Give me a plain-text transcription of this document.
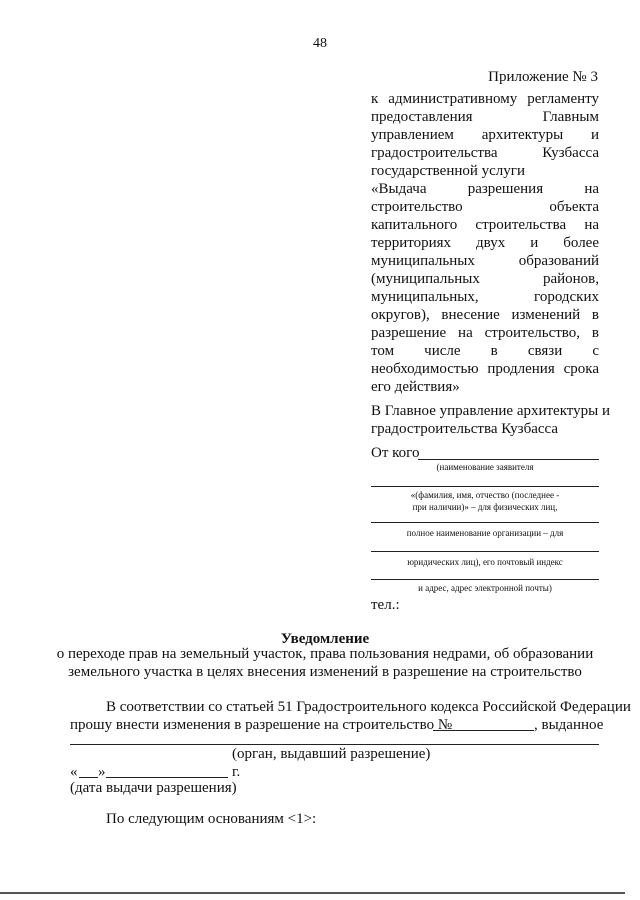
48
Приложение № 3
к административному регламенту
предоставления Главным
управлением архитектуры и
градостроительства Кузбасса
государственной услуги
«Выдача разрешения на
строительство объекта
капитального строительства на
территориях двух и более
муниципальных образований
(муниципальных районов,
муниципальных, городских
округов), внесение изменений в
разрешение на строительство, в
том числе в связи с
необходимостью продления срока
его действия»
В Главное управление архитектуры и
градостроительства Кузбасса
От кого
(наименование заявителя
«(фамилия, имя, отчество (последнее -
при наличии)» – для физических лиц,
полное наименование организации – для
юридических лиц), его почтовый индекс
и адрес, адрес электронной почты)
тел.:
Уведомление
о переходе прав на земельный участок, права пользования недрами, об образовании
земельного участка в целях внесения изменений в разрешение на строительство
В соответствии со статьей 51 Градостроительного кодекса Российской Федерации
прошу внести изменения в разрешение на строительство №	, выданное
(орган, выдавший разрешение)
« »	г.
(дата выдачи разрешения)
По следующим основаниям <1>:
